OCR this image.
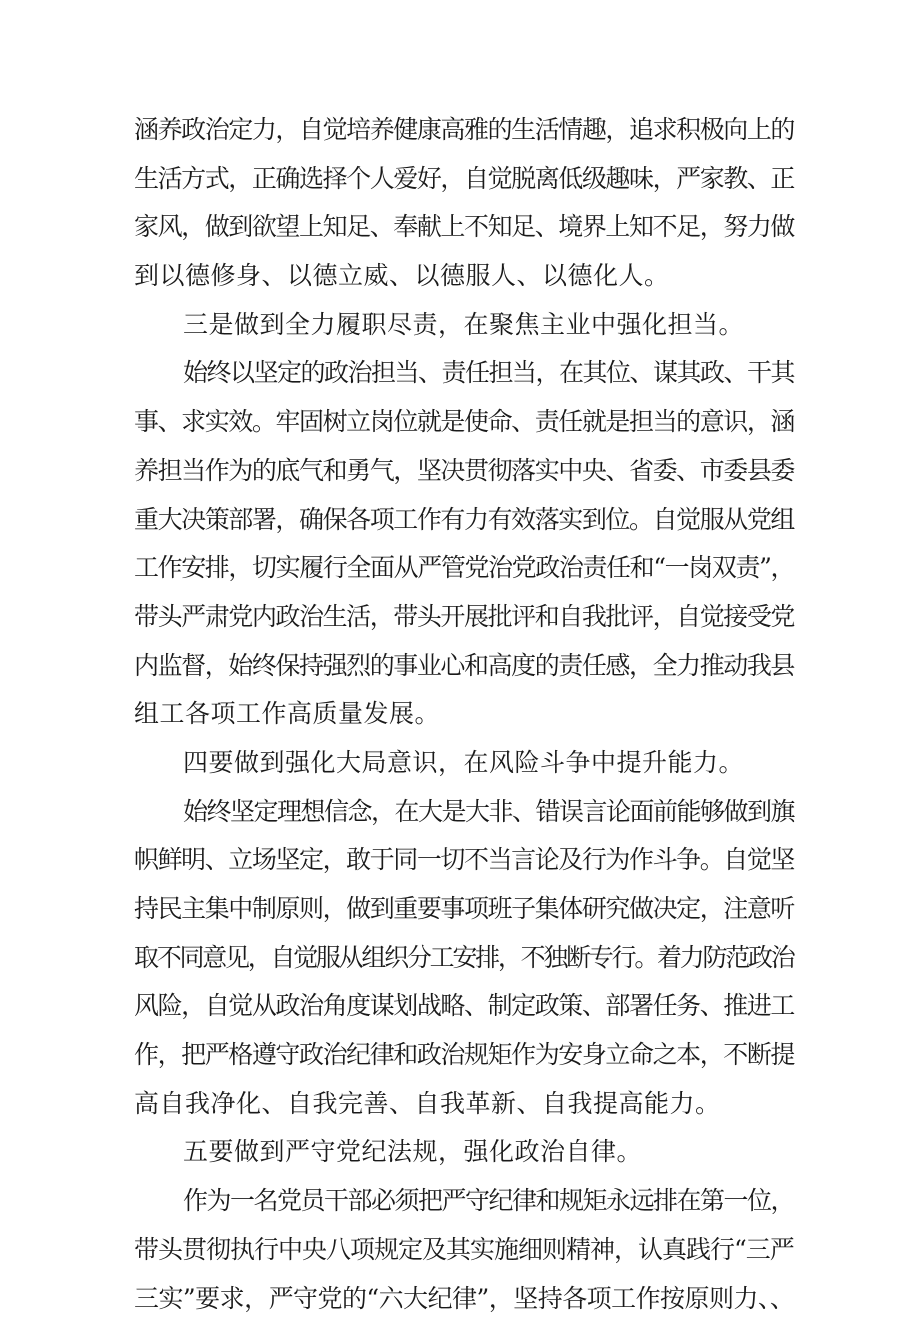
涵养政治定力，自觉培养健康高雅的生活情趣，追求积极向上的
生活方式，正确选择个人爱好，自觉脱离低级趣味，严家教、正
家风，做到欲望上知足、奉献上不知足、境界上知不足，努力做
到以德修身、以德立威、以德服人、以德化人。
三是做到全力履职尽责，在聚焦主业中强化担当。
始终以坚定的政治担当、责任担当，在其位、谋其政、干其
事、求实效。牢固树立岗位就是使命、责任就是担当的意识，涵
养担当作为的底气和勇气，坚决贯彻落实中央、省委、市委县委
重大决策部署，确保各项工作有力有效落实到位。自觉服从党组
工作安排，切实履行全面从严管党治党政治责任和“一岗双责”，
带头严肃党内政治生活，带头开展批评和自我批评，自觉接受党
内监督，始终保持强烈的事业心和高度的责任感，全力推动我县
组工各项工作高质量发展。
四要做到强化大局意识，在风险斗争中提升能力。
始终坚定理想信念，在大是大非、错误言论面前能够做到旗
帜鲜明、立场坚定，敢于同一切不当言论及行为作斗争。自觉坚
持民主集中制原则，做到重要事项班子集体研究做决定，注意听
取不同意见，自觉服从组织分工安排，不独断专行。着力防范政治
风险，自觉从政治角度谋划战略、制定政策、部署任务、推进工
作，把严格遵守政治纪律和政治规矩作为安身立命之本，不断提
高自我净化、自我完善、自我革新、自我提高能力。
五要做到严守党纪法规，强化政治自律。
作为一名党员干部必须把严守纪律和规矩永远排在第一位，
带头贯彻执行中央八项规定及其实施细则精神，认真践行“三严
三实”要求，严守党的“六大纪律”，坚持各项工作按原则力、、
